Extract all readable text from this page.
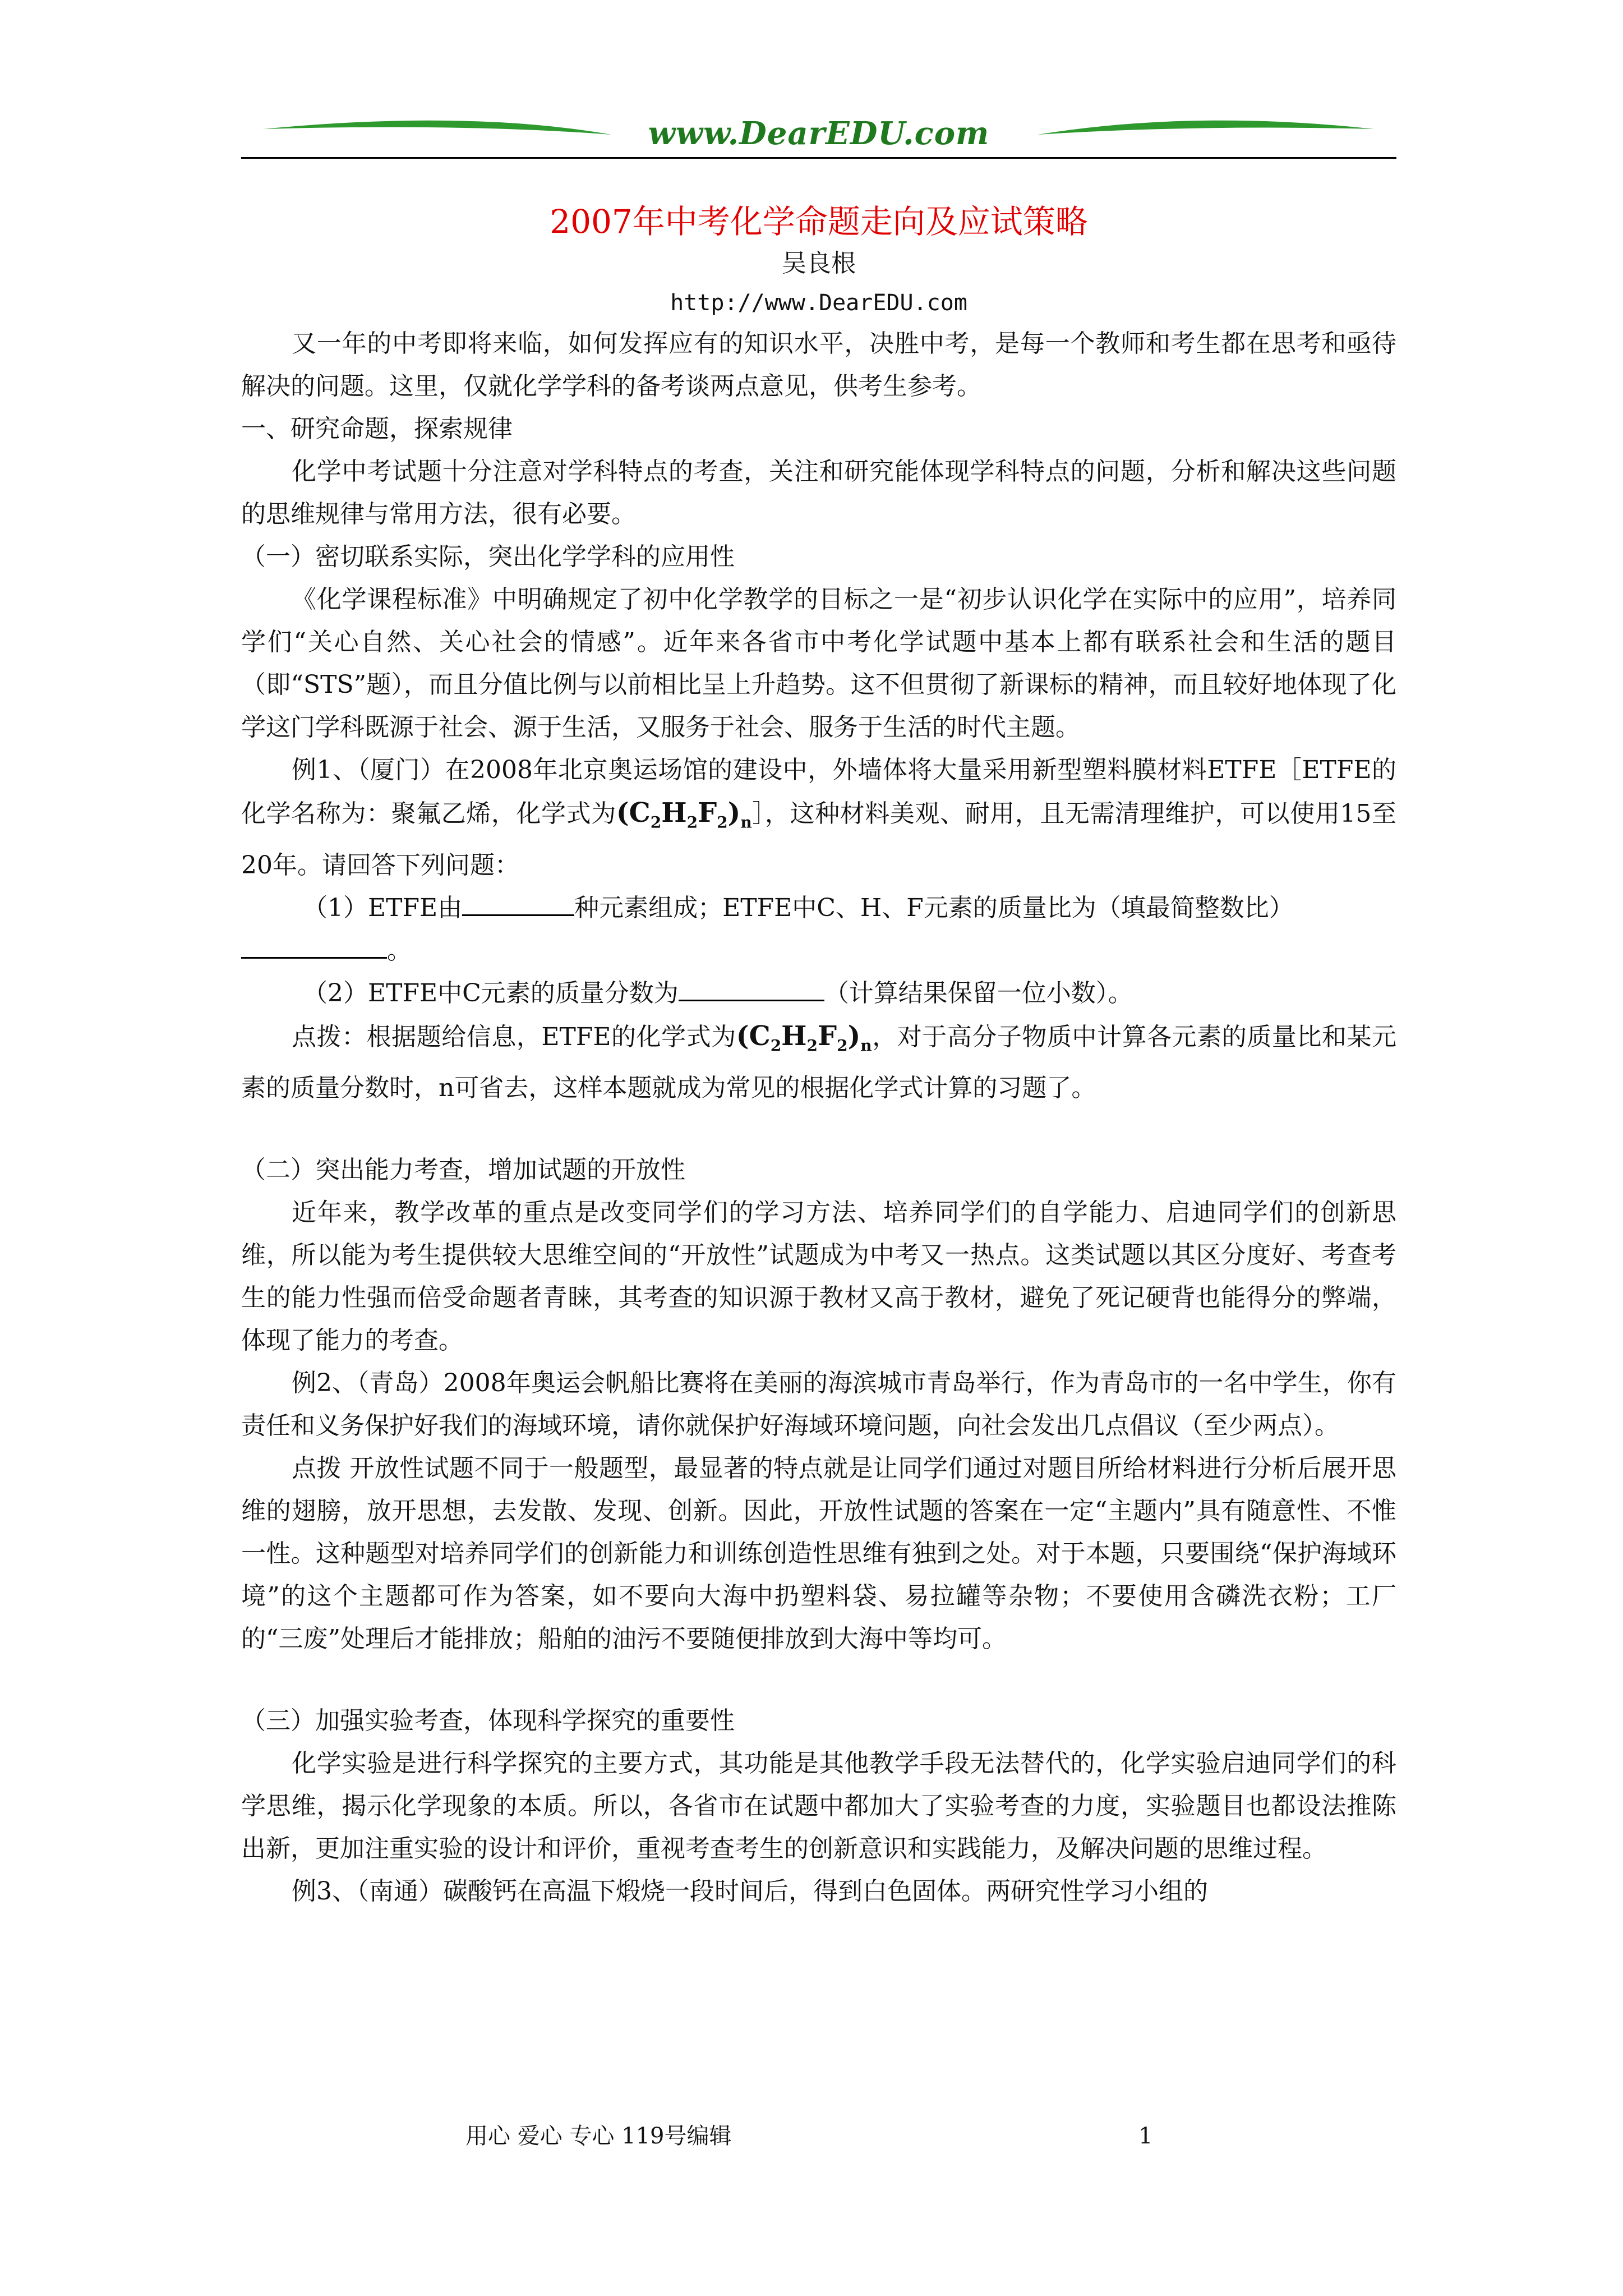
www.DearEDU.com

2007年中考化学命题走向及应试策略

吴良根

http://www.DearEDU.com

又一年的中考即将来临，如何发挥应有的知识水平，决胜中考，是每一个教师和考生都在思考和亟待解决的问题。这里，仅就化学学科的备考谈两点意见，供考生参考。

一、研究命题，探索规律

化学中考试题十分注意对学科特点的考查，关注和研究能体现学科特点的问题，分析和解决这些问题的思维规律与常用方法，很有必要。

（一）密切联系实际，突出化学学科的应用性

《化学课程标准》中明确规定了初中化学教学的目标之一是“初步认识化学在实际中的应用”，培养同学们“关心自然、关心社会的情感”。近年来各省市中考化学试题中基本上都有联系社会和生活的题目（即“STS”题），而且分值比例与以前相比呈上升趋势。这不但贯彻了新课标的精神，而且较好地体现了化学这门学科既源于社会、源于生活，又服务于社会、服务于生活的时代主题。

例1、（厦门）在2008年北京奥运场馆的建设中，外墙体将大量采用新型塑料膜材料ETFE［ETFE的化学名称为：聚氟乙烯，化学式为$(C_2H_2F_2)_n]$，这种材料美观、耐用，且无需清理维护，可以使用15至20年。请回答下列问题：

（1）ETFE由	种元素组成；ETFE中C、H、F元素的质量比为（填最简整数比）

。

（2）ETFE中C元素的质量分数为	（计算结果保留一位小数）。

点拨：根据题给信息，ETFE的化学式为$(C_2H_2F_2)_n$，对于高分子物质中计算各元素的质量比和某元素的质量分数时，n可省去，这样本题就成为常见的根据化学式计算的习题了。

（二）突出能力考查，增加试题的开放性

近年来，教学改革的重点是改变同学们的学习方法、培养同学们的自学能力、启迪同学们的创新思维，所以能为考生提供较大思维空间的“开放性”试题成为中考又一热点。这类试题以其区分度好、考查考生的能力性强而倍受命题者青睐，其考查的知识源于教材又高于教材，避免了死记硬背也能得分的弊端，体现了能力的考查。

例2、（青岛）2008年奥运会帆船比赛将在美丽的海滨城市青岛举行，作为青岛市的一名中学生，你有责任和义务保护好我们的海域环境，请你就保护好海域环境问题，向社会发出几点倡议（至少两点）。

点拨 开放性试题不同于一般题型，最显著的特点就是让同学们通过对题目所给材料进行分析后展开思维的翅膀，放开思想，去发散、发现、创新。因此，开放性试题的答案在一定“主题内”具有随意性、不惟一性。这种题型对培养同学们的创新能力和训练创造性思维有独到之处。对于本题，只要围绕“保护海域环境”的这个主题都可作为答案，如不要向大海中扔塑料袋、易拉罐等杂物；不要使用含磷洗衣粉；工厂的“三废”处理后才能排放；船舶的油污不要随便排放到大海中等均可。

（三）加强实验考查，体现科学探究的重要性

化学实验是进行科学探究的主要方式，其功能是其他教学手段无法替代的，化学实验启迪同学们的科学思维，揭示化学现象的本质。所以，各省市在试题中都加大了实验考查的力度，实验题目也都设法推陈出新，更加注重实验的设计和评价，重视考查考生的创新意识和实践能力，及解决问题的思维过程。

例3、（南通）碳酸钙在高温下煅烧一段时间后，得到白色固体。两研究性学习小组的

用心 爱心 专心 119号编辑	1
